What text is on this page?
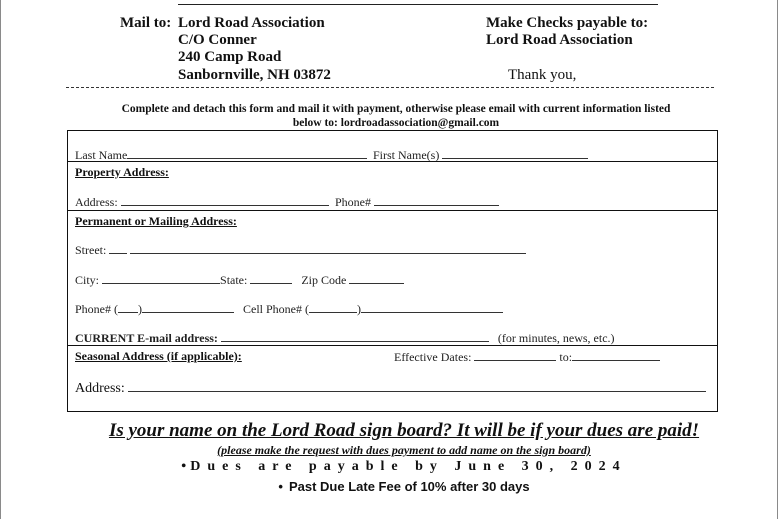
Mail to: Lord Road Association
C/O Conner
240 Camp Road
Sanbornville, NH 03872
Make Checks payable to:
Lord Road Association
Thank you,
Complete and detach this form and mail it with payment, otherwise please email with current information listed
below to: lordroadassociation@gmail.com
Last Name	First Name(s)
Property Address:
Address:	Phone#
Permanent or Mailing Address:
Street:
City:	State:	Zip Code
Phone# ( )	Cell Phone# (	)
CURRENT E-mail address:	(for minutes, news, etc.)
Seasonal Address (if applicable):	Effective Dates:	to:
Address:
Is your name on the Lord Road sign board? It will be if your dues are paid!
(please make the request with dues payment to add name on the sign board)
• Dues are payable by June 30, 2024
• Past Due Late Fee of 10% after 30 days
